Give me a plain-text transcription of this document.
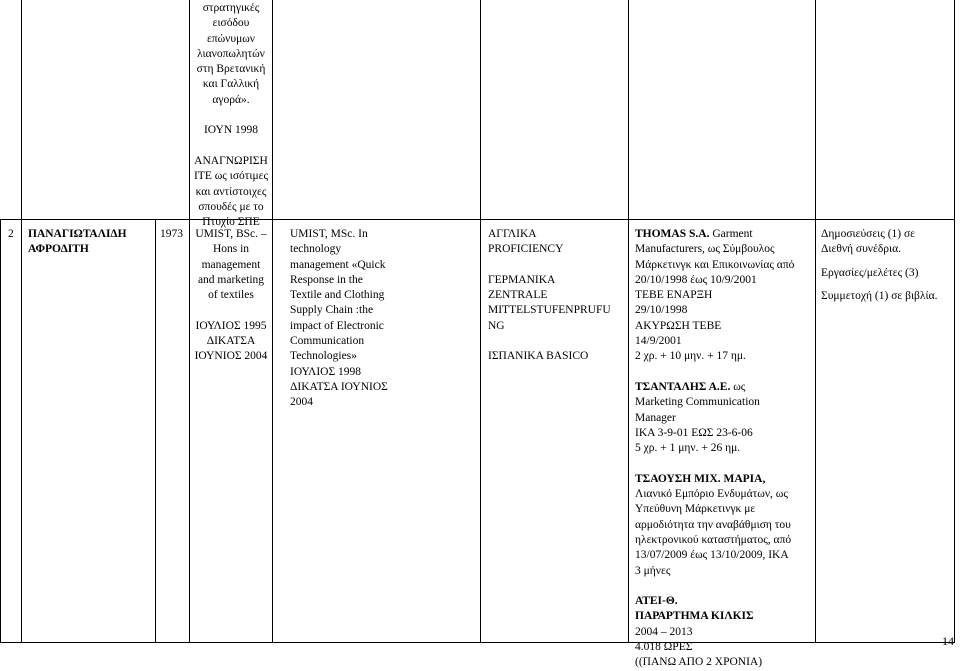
στρατηγικές
εισόδου
επώνυμων
λιανοπωλητών
στη Βρετανική
και Γαλλική
αγορά».
ΙΟΥΝ 1998
ΑΝΑΓΝΩΡΙΣΗ
ΙΤΕ ως ισότιμες
και αντίστοιχες
σπουδές με το
Πτυχίο ΣΠΕ
2 ΠΑΝΑΓΙΩΤΑΛΙΔΗ
ΑΦΡΟΔΙΤΗ
1973	UMIST, BSc. –
Hons in
management
and marketing
of textiles
ΙΟΥΛΙΟΣ 1995
ΔΙΚΑΤΣΑ
ΙΟΥΝΙΟΣ 2004
UMIST, MSc. In
technology
management «Quick
Response in the
Textile and Clothing
Supply Chain :the
impact of Electronic
Communication
Technologies»
ΙΟΥΛΙΟΣ 1998
ΔΙΚΑΤΣΑ ΙΟΥΝΙΟΣ
2004
ΑΓΓΛΙΚΑ
PROFICIENCY
ΓΕΡΜΑΝΙΚΑ
ZENTRALE
MITTELSTUFENPRUFU
NG
ΙΣΠΑΝΙΚΑ BASICO
THOMAS S.A. Garment
Manufacturers, ως Σύμβουλος
Μάρκετινγκ και Επικοινωνίας από
20/10/1998 έως 10/9/2001
ΤΕΒΕ ΕΝΑΡΞΗ
29/10/1998
ΑΚΥΡΩΣΗ ΤΕΒΕ
14/9/2001
2 χρ. + 10 μην. + 17 ημ.
ΤΣΑΝΤΑΛΗΣ Α.Ε. ως
Marketing Communication
Manager
ΙΚΑ 3-9-01 ΕΩΣ 23-6-06
5 χρ. + 1 μην. + 26 ημ.
ΤΣΑΟΥΣΗ ΜΙΧ. ΜΑΡΙΑ,
Λιανικό Εμπόριο Ενδυμάτων, ως
Υπεύθυνη Μάρκετινγκ με
αρμοδιότητα την αναβάθμιση του
ηλεκτρονικού καταστήματος, από
13/07/2009 έως 13/10/2009, ΙΚΑ
3 μήνες
ΑΤΕΙ-Θ.
ΠΑΡΑΡΤΗΜΑ ΚΙΛΚΙΣ
2004 – 2013
4.018 ΩΡΕΣ
((ΠΑΝΩ ΑΠΟ 2 ΧΡΟΝΙΑ)
Δημοσιεύσεις (1) σε
Διεθνή συνέδρια.
Εργασίες/μελέτες (3)
Συμμετοχή (1) σε βιβλία.
14
